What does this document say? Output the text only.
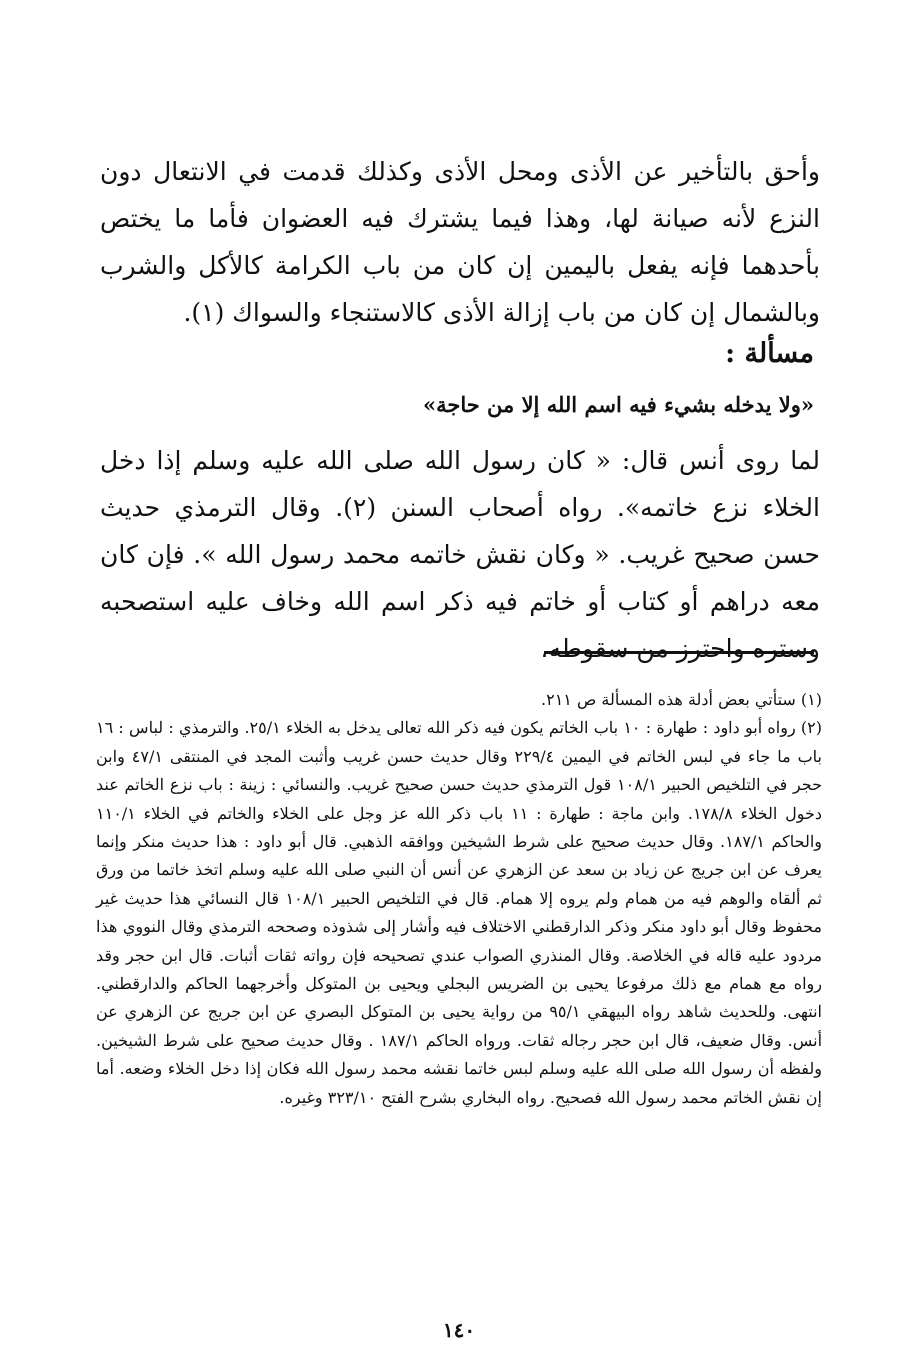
وأحق بالتأخير عن الأذى ومحل الأذى وكذلك قدمت في الانتعال دون النزع لأنه صيانة لها، وهذا فيما يشترك فيه العضوان فأما ما يختص بأحدهما فإنه يفعل باليمين إن كان من باب الكرامة كالأكل والشرب وبالشمال إن كان من باب إزالة الأذى كالاستنجاء والسواك (١).

مسألة :
«ولا يدخله بشيء فيه اسم الله إلا من حاجة»

لما روى أنس قال: « كان رسول الله صلى الله عليه وسلم إذا دخل الخلاء نزع خاتمه». رواه أصحاب السنن (٢). وقال الترمذي حديث حسن صحيح غريب. « وكان نقش خاتمه محمد رسول الله ». فإن كان معه دراهم أو كتاب أو خاتم فيه ذكر اسم الله وخاف عليه استصحبه وستره واحترز من سقوطه،

(١) ستأتي بعض أدلة هذه المسألة ص ٢١١.

(٢) رواه أبو داود : طهارة : ١٠ باب الخاتم يكون فيه ذكر الله تعالى يدخل به الخلاء ٢٥/١. والترمذي : لباس : ١٦ باب ما جاء في لبس الخاتم في اليمين ٢٢٩/٤ وقال حديث حسن غريب وأثبت المجد في المنتقى ٤٧/١ وابن حجر في التلخيص الحبير ١٠٨/١ قول الترمذي حديث حسن صحيح غريب. والنسائي : زينة : باب نزع الخاتم عند دخول الخلاء ١٧٨/٨. وابن ماجة : طهارة : ١١ باب ذكر الله عز وجل على الخلاء والخاتم في الخلاء ١١٠/١ والحاكم ١٨٧/١. وقال حديث صحيح على شرط الشيخين ووافقه الذهبي. قال أبو داود : هذا حديث منكر وإنما يعرف عن ابن جريج عن زياد بن سعد عن الزهري عن أنس أن النبي صلى الله عليه وسلم اتخذ خاتما من ورق ثم ألقاه والوهم فيه من همام ولم يروه إلا همام. قال في التلخيص الحبير ١٠٨/١ قال النسائي هذا حديث غير محفوظ وقال أبو داود منكر وذكر الدارقطني الاختلاف فيه وأشار إلى شذوذه وصححه الترمذي وقال النووي هذا مردود عليه قاله في الخلاصة. وقال المنذري الصواب عندي تصحيحه فإن رواته ثقات أثبات. قال ابن حجر وقد رواه مع همام مع ذلك مرفوعا يحيى بن الضريس البجلي ويحيى بن المتوكل وأخرجهما الحاكم والدارقطني. انتهى. وللحديث شاهد رواه البيهقي ٩٥/١ من رواية يحيى بن المتوكل البصري عن ابن جريج عن الزهري عن أنس. وقال ضعيف، قال ابن حجر رجاله ثقات. ورواه الحاكم ١٨٧/١ . وقال حديث صحيح على شرط الشيخين. ولفظه أن رسول الله صلى الله عليه وسلم لبس خاتما نقشه محمد رسول الله فكان إذا دخل الخلاء وضعه. أما إن نقش الخاتم محمد رسول الله فصحيح. رواه البخاري بشرح الفتح ٣٢٣/١٠ وغيره.

١٤٠
